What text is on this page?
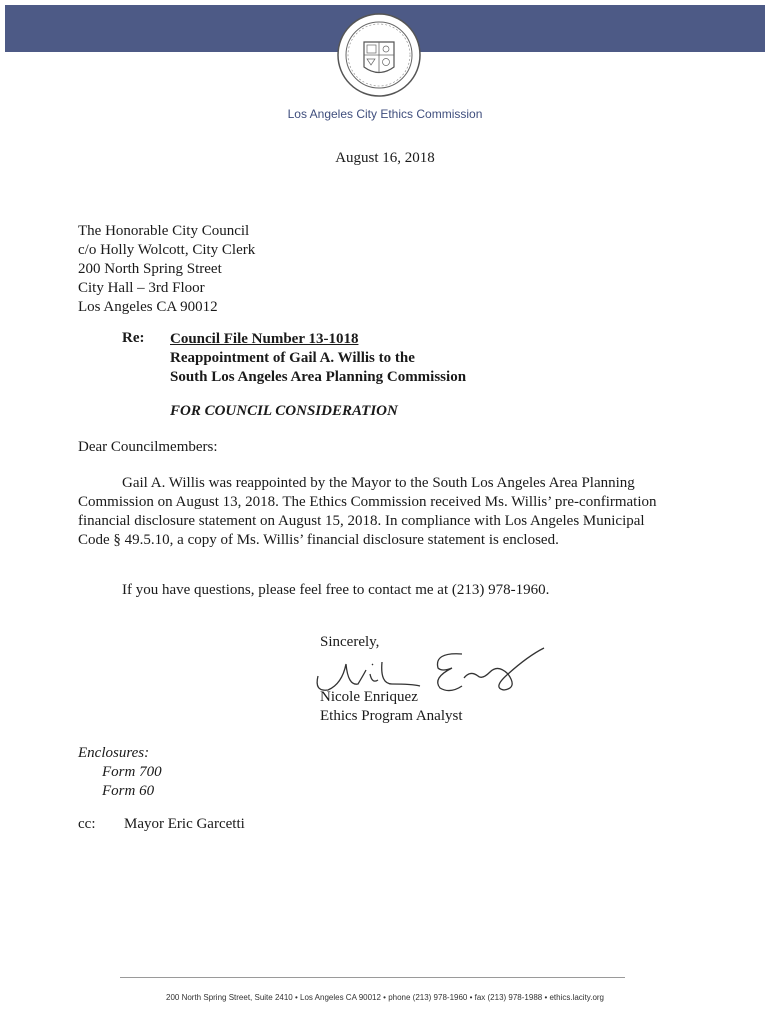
Los Angeles City Ethics Commission
August 16, 2018
The Honorable City Council
c/o Holly Wolcott, City Clerk
200 North Spring Street
City Hall – 3rd Floor
Los Angeles CA 90012
Re: Council File Number 13-1018
Reappointment of Gail A. Willis to the
South Los Angeles Area Planning Commission
FOR COUNCIL CONSIDERATION
Dear Councilmembers:
Gail A. Willis was reappointed by the Mayor to the South Los Angeles Area Planning Commission on August 13, 2018. The Ethics Commission received Ms. Willis’ pre-confirmation financial disclosure statement on August 15, 2018. In compliance with Los Angeles Municipal Code § 49.5.10, a copy of Ms. Willis’ financial disclosure statement is enclosed.
If you have questions, please feel free to contact me at (213) 978-1960.
Sincerely,
Nicole Enriquez
Ethics Program Analyst
Enclosures:
Form 700
Form 60
cc: Mayor Eric Garcetti
200 North Spring Street, Suite 2410 • Los Angeles CA 90012 • phone (213) 978-1960 • fax (213) 978-1988 • ethics.lacity.org
